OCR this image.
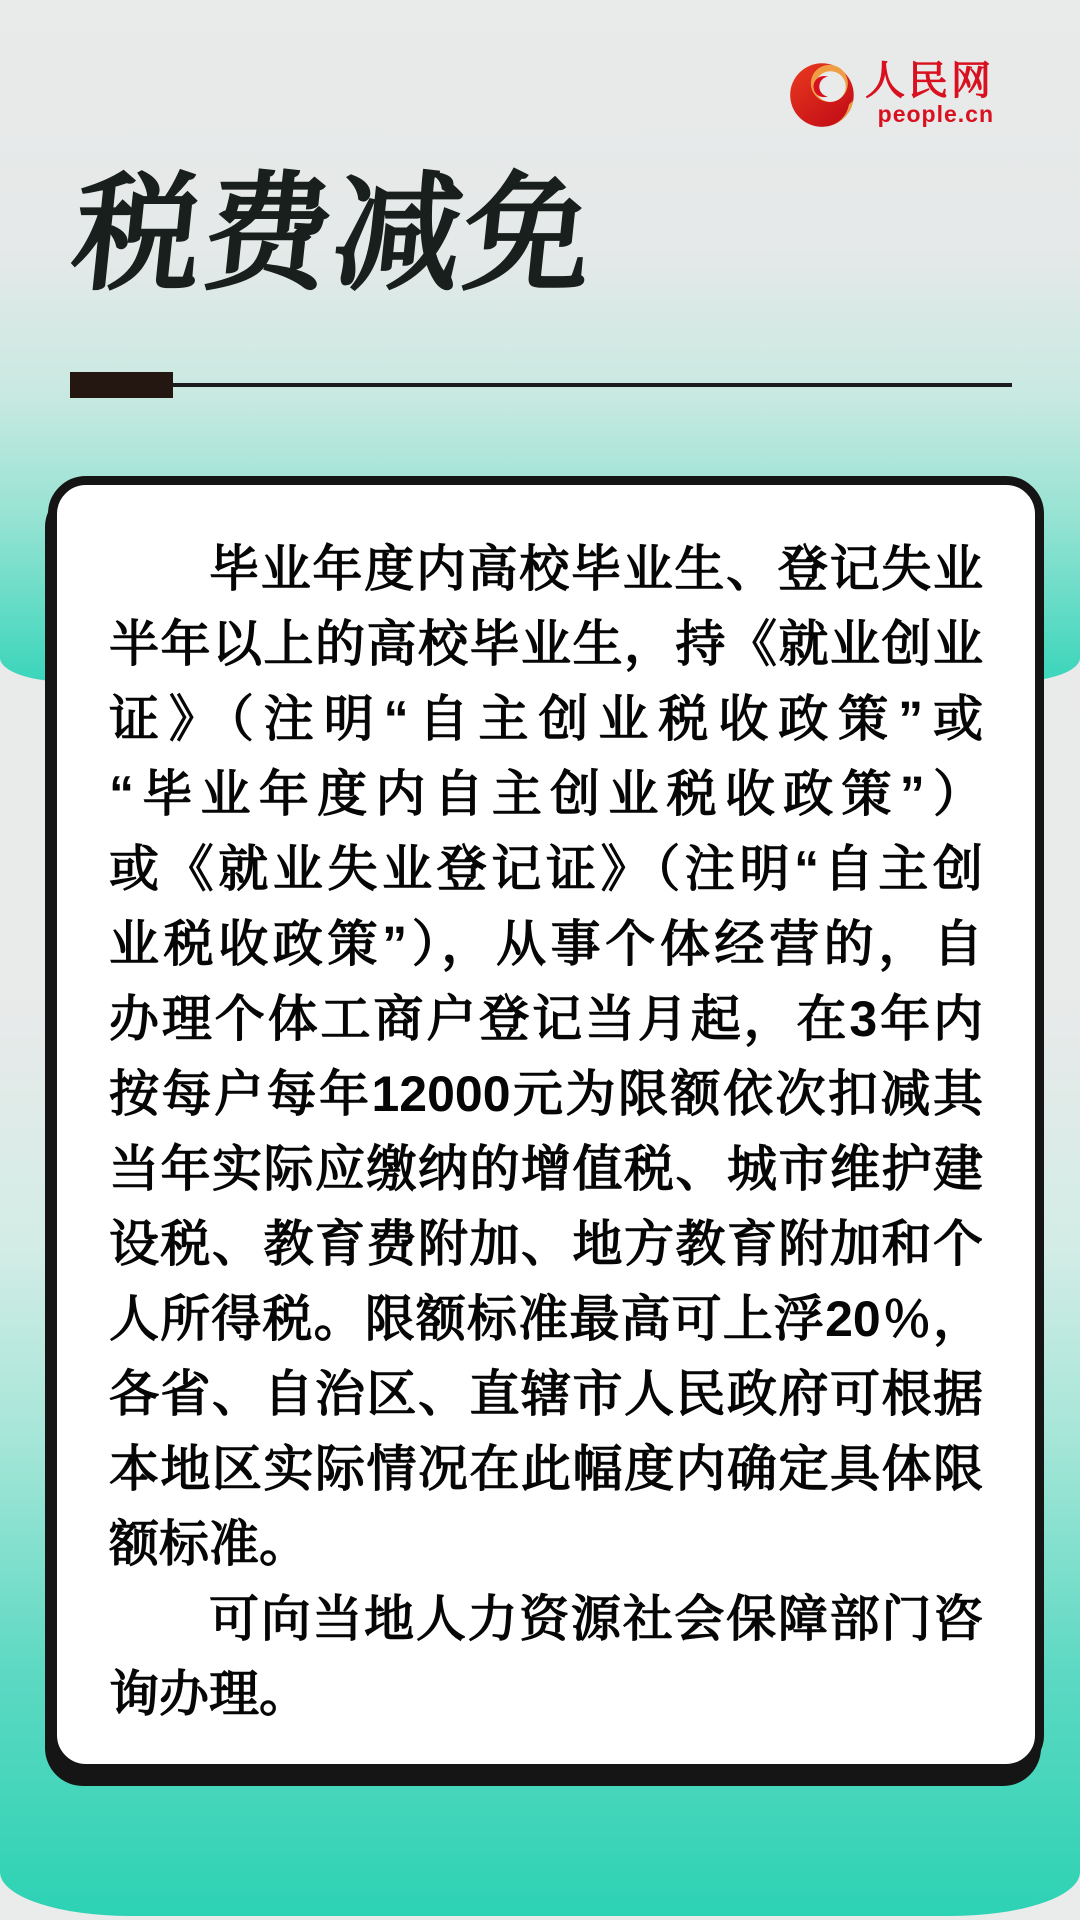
人民网
people.cn
税费减免
毕业年度内高校毕业生、登记失业
半年以上的高校毕业生，持《就业创业
证》（注明“自主创业税收政策”或
“毕业年度内自主创业税收政策”）
或《就业失业登记证》（注明“自主创
业税收政策”），从事个体经营的，自
办理个体工商户登记当月起，在3年内
按每户每年12000元为限额依次扣减其
当年实际应缴纳的增值税、城市维护建
设税、教育费附加、地方教育附加和个
人所得税。限额标准最高可上浮20％，
各省、自治区、直辖市人民政府可根据
本地区实际情况在此幅度内确定具体限
额标准。
可向当地人力资源社会保障部门咨
询办理。
